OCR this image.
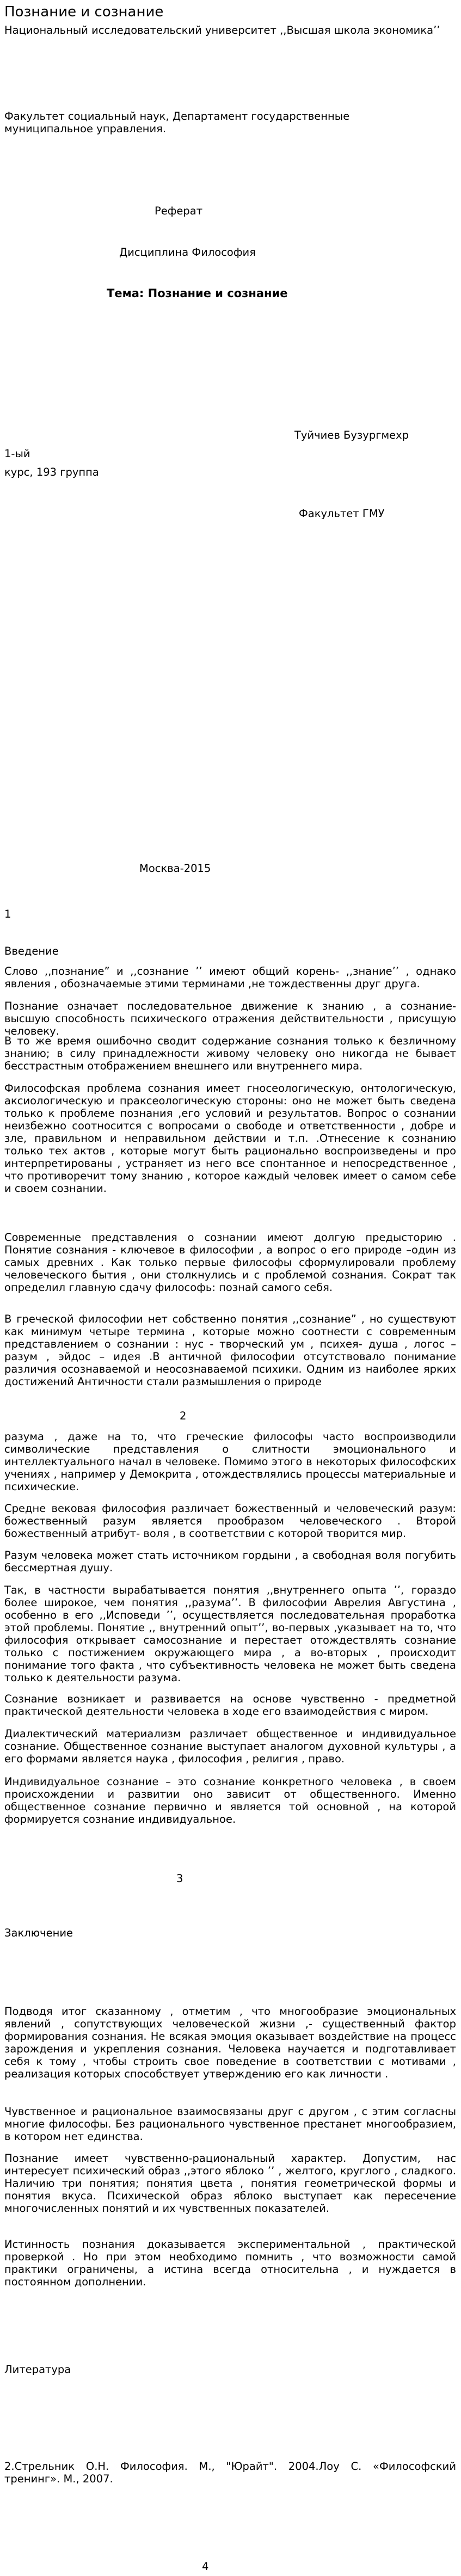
Познание и сознание
Национальный исследовательский университет ,,Высшая школа экономика’’
Факультет социальный наук, Департамент государственные муниципальное управления.
Реферат
Дисциплина Философия
Тема: Познание и сознание
Туйчиев Бузургмехр
1-ый
курс, 193 группа
Факультет ГМУ
Москва-2015
1
Введение

Слово ,,познание” и ,,сознание ’’ имеют общий корень- ,,знание’’ , однако явления , обозначаемые этими терминами ,не тождественны друг друга.

Познание означает последовательное движение к знанию , а сознание- высшую способность психического отражения действительности , присущую человеку.

В то же время ошибочно сводит содержание сознания только к безличному знанию; в силу принадлежности живому человеку оно никогда не бывает бесстрастным отображением внешнего или внутреннего мира.

Философская проблема сознания имеет гносеологическую, онтологическую, аксиологическую и праксеологическую стороны: оно не может быть сведена только к проблеме познания ,его условий и результатов. Вопрос о сознании неизбежно соотносится с вопросами о свободе и ответственности , добре и зле, правильном и неправильном действии и т.п. .Отнесение к сознанию только тех актов , которые могут быть рационально воспроизведены и про интерпретированы , устраняет из него все спонтанное и непосредственное , что противоречит тому знанию , которое каждый человек имеет о самом себе и своем сознании.

Современные представления о сознании имеют долгую предысторию . Понятие сознания - ключевое в философии , а вопрос о его природе –один из самых древних . Как только первые философы сформулировали проблему человеческого бытия , они столкнулись и с проблемой сознания. Сократ так определил главную сдачу философь: познай самого себя.

В греческой философии нет собственно понятия ,,сознание” , но существуют как минимум четыре термина , которые можно соотнести с современным представлением о сознании : нус - творческий ум , психея- душа , логос – разум , эйдос – идея .В античной философии отсутствовало понимание различия осознаваемой и неосознаваемой психики. Одним из наиболее ярких достижений Античности стали размышления о природе

2

разума , даже на то, что греческие философы часто воспроизводили символические представления о слитности эмоционального и интеллектуального начал в человеке. Помимо этого в некоторых философских учениях , например у Демокрита , отождествлялись процессы материальные и психические.

Средне вековая философия различает божественный и человеческий разум: божественный разум является прообразом человеческого . Второй божественный атрибут- воля , в соответствии с которой творится мир.

Разум человека может стать источником гордыни , а свободная воля погубить бессмертная душу.

Так, в частности вырабатывается понятия ,,внутреннего опыта ’’, гораздо более широкое, чем понятия ,,разума’’. В философии Аврелия Августина , особенно в его ,,Исповеди ’’, осуществляется последовательная проработка этой проблемы. Понятие ,, внутренний опыт’’, во-первых ,указывает на то, что философия открывает самосознание и перестает отождествлять сознание только с постижением окружающего мира , а во-вторых , происходит понимание того факта , что субъективность человека не может быть сведена только к деятельности разума.

Сознание возникает и развивается на основе чувственно - предметной практической деятельности человека в ходе его взаимодействия с миром.

Диалектический материализм различает общественное и индивидуальное сознание. Общественное сознание выступает аналогом духовной культуры , а его формами является наука , философия , религия , право.

Индивидуальное сознание – это сознание конкретного человека , в своем происхождении и развитии оно зависит от общественного. Именно общественное сознание первично и является той основной , на которой формируется сознание индивидуальное.

3
Заключение

Подводя итог сказанному , отметим , что многообразие эмоциональных явлений , сопутствующих человеческой жизни ,- существенный фактор формирования сознания. Не всякая эмоция оказывает воздействие на процесс зарождения и укрепления сознания. Человека научается и подготавливает себя к тому , чтобы строить свое поведение в соответствии с мотивами , реализация которых способствует утверждению его как личности .

Чувственное и рациональное взаимосвязаны друг с другом , с этим согласны многие философы. Без рационального чувственное престанет многообразием, в котором нет единства.

Познание имеет чувственно-рациональный характер. Допустим, нас интересует психический образ ,,этого яблоко ’’ , желтого, круглого , сладкого. Наличию три понятия; понятия цвета , понятия геометрической формы и понятия вкуса. Психической образ яблоко выступает как пересечение многочисленных понятий и их чувственных показателей.

Истинность познания доказывается экспериментальной , практической проверкой . Но при этом необходимо помнить , что возможности самой практики ограничены, а истина всегда относительна , и нуждается в постоянном дополнении.

Литература

2.Стрельник О.Н. Философия. М., "Юрайт". 2004.Лоу С. «Философский тренинг». М., 2007.

4
